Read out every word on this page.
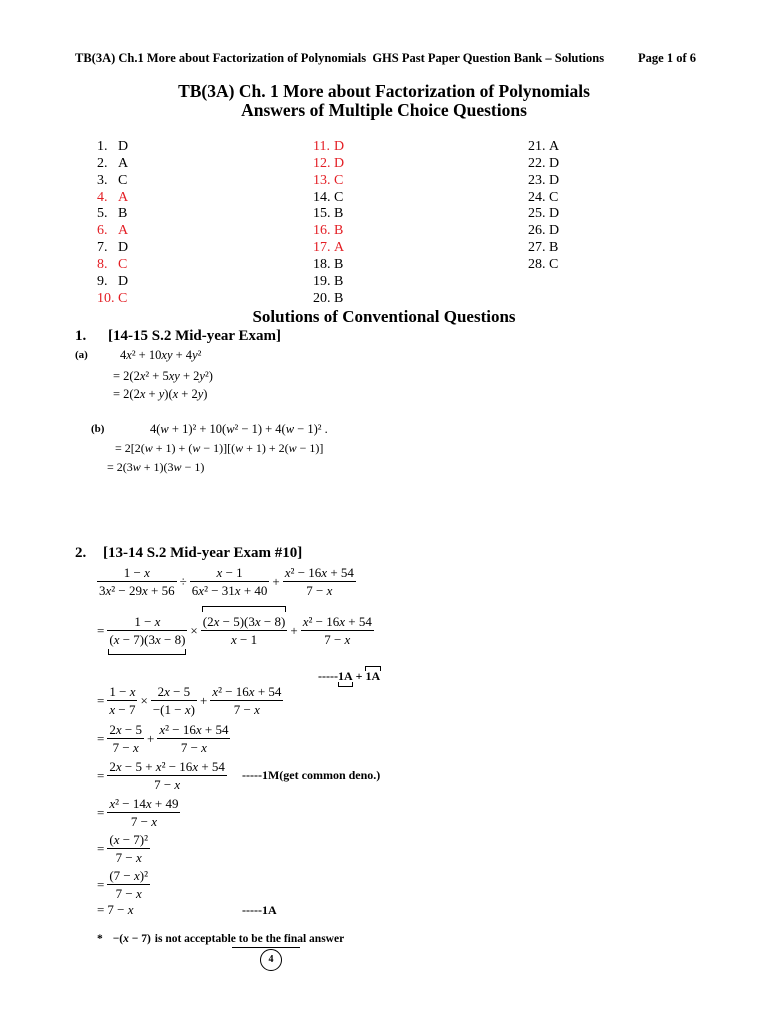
TB(3A) Ch.1 More about Factorization of Polynomials  GHS Past Paper Question Bank – Solutions	Page 1 of 6
TB(3A) Ch. 1 More about Factorization of Polynomials
Answers of Multiple Choice Questions
1. D
2. A
3. C
4. A
5. B
6. A
7. D
8. C
9. D
10. C
11. D
12. D
13. C
14. C
15. B
16. B
17. A
18. B
19. B
20. B
21. A
22. D
23. D
24. C
25. D
26. D
27. B
28. C
Solutions of Conventional Questions
1. [14-15 S.2 Mid-year Exam]
(a)	4x² + 10xy + 4y²
= 2(2x² + 5xy + 2y²)
= 2(2x + y)(x + 2y)
(b)	4(w + 1)² + 10(w² − 1) + 4(w − 1)² .
= 2[2(w + 1) + (w − 1)][(w + 1) + 2(w − 1)]
= 2(3w + 1)(3w − 1)
2. [13-14 S.2 Mid-year Exam #10]
$\frac{1 - x}{\text{3x² − 29x + 56}} \div \frac{x - 1}{\text{6x² − 31x + 40}} + \frac{\text{x² − 16x + 54}}{7 - x}$
= $\frac{1 - x}{(x - 7)(3x - 8)} \times \frac{(2x - 5)(3x - 8)}{x - 1} + \frac{\text{x² − 16x + 54}}{7 - x}$
-----1A + 1A
= $\frac{1 - x}{x - 7} \times \frac{2x - 5}{-(1 - x)} + \frac{\text{x² − 16x + 54}}{7 - x}$
= $\frac{2x - 5}{7 - x} + \frac{\text{x² − 16x + 54}}{7 - x}$
= $\frac{\text{2x − 5 + x² − 16x + 54}}{7 - x} -----1M(get$ common deno.)
= $\frac{\text{x² − 14x + 49}}{7 - x}$
= $\frac{\text{(x − 7)²}}{7 - x}$
= $\frac{\text{(7 − x)²}}{7 - x}$
= 7 − x	-----1A
* −(x − 7) is not acceptable to be the final answer
4
